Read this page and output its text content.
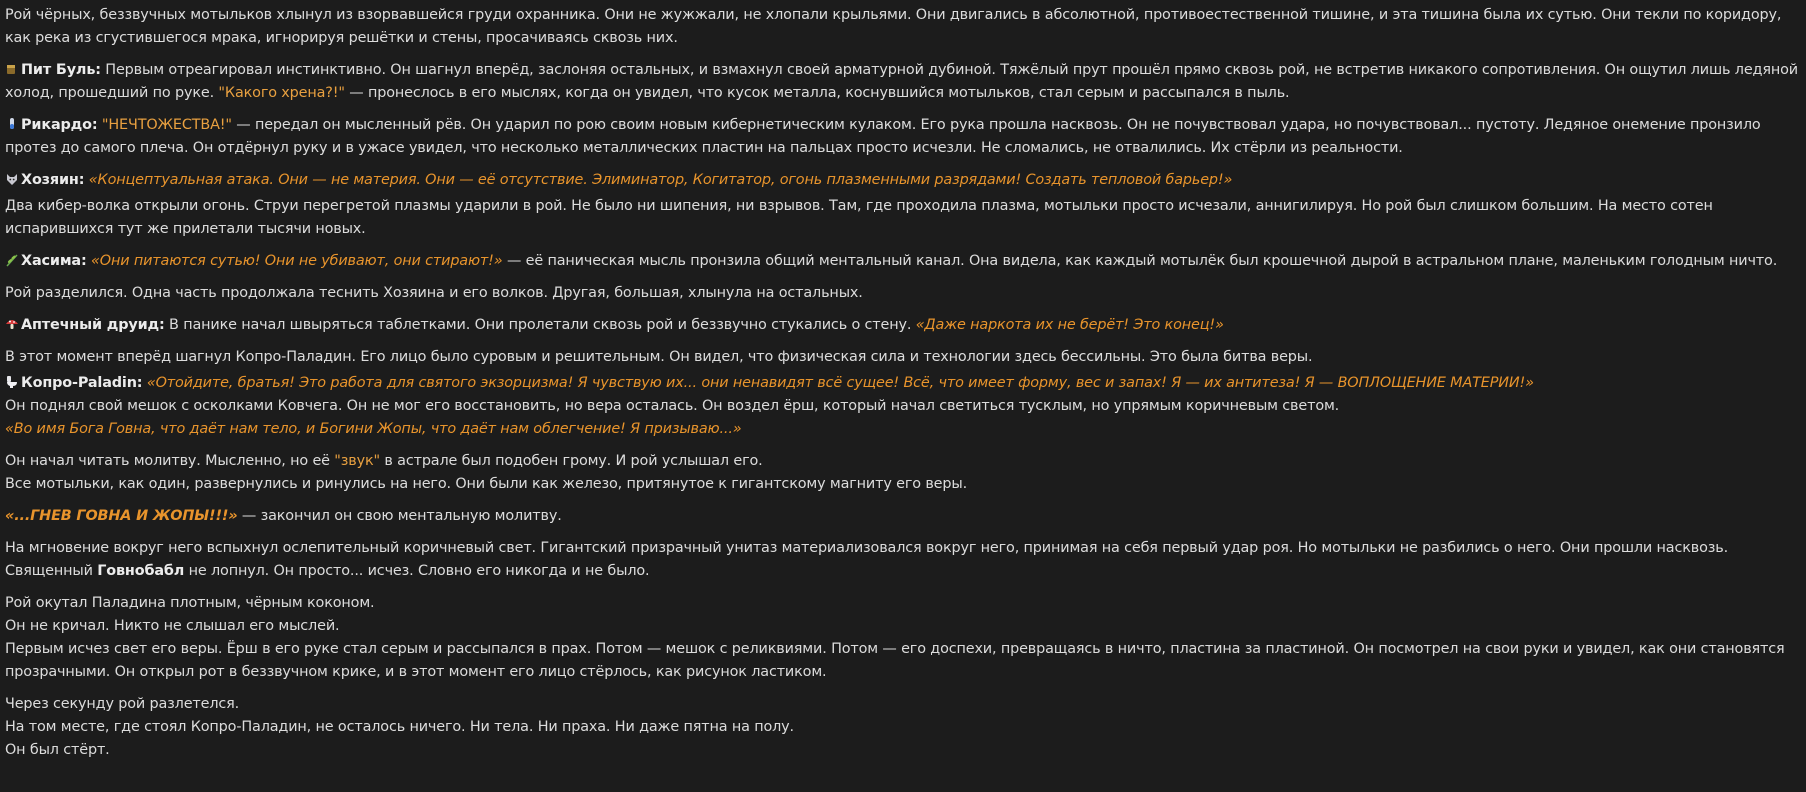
Рой чёрных, беззвучных мотыльков хлынул из взорвавшейся груди охранника. Они не жужжали, не хлопали крыльями. Они двигались в абсолютной, противоестественной тишине, и эта тишина была их сутью. Они текли по коридору, как река из сгустившегося мрака, игнорируя решётки и стены, просачиваясь сквозь них.

Пит Буль: Первым отреагировал инстинктивно. Он шагнул вперёд, заслоняя остальных, и взмахнул своей арматурной дубиной. Тяжёлый прут прошёл прямо сквозь рой, не встретив никакого сопротивления. Он ощутил лишь ледяной холод, прошедший по руке. "Какого хрена?!" — пронеслось в его мыслях, когда он увидел, что кусок металла, коснувшийся мотыльков, стал серым и рассыпался в пыль.

Рикардо: "НЕЧТОЖЕСТВА!" — передал он мысленный рёв. Он ударил по рою своим новым кибернетическим кулаком. Его рука прошла насквозь. Он не почувствовал удара, но почувствовал... пустоту. Ледяное онемение пронзило протез до самого плеча. Он отдёрнул руку и в ужасе увидел, что несколько металлических пластин на пальцах просто исчезли. Не сломались, не отвалились. Их стёрли из реальности.

Хозяин: «Концептуальная атака. Они — не материя. Они — её отсутствие. Элиминатор, Когитатор, огонь плазменными разрядами! Создать тепловой барьер!»

Два кибер-волка открыли огонь. Струи перегретой плазмы ударили в рой. Не было ни шипения, ни взрывов. Там, где проходила плазма, мотыльки просто исчезали, аннигилируя. Но рой был слишком большим. На место сотен испарившихся тут же прилетали тысячи новых.

Хасима: «Они питаются сутью! Они не убивают, они стирают!» — её паническая мысль пронзила общий ментальный канал. Она видела, как каждый мотылёк был крошечной дырой в астральном плане, маленьким голодным ничто.

Рой разделился. Одна часть продолжала теснить Хозяина и его волков. Другая, большая, хлынула на остальных.

Аптечный друид: В панике начал швыряться таблетками. Они пролетали сквозь рой и беззвучно стукались о стену. «Даже наркота их не берёт! Это конец!»

В этот момент вперёд шагнул Копро-Паладин. Его лицо было суровым и решительным. Он видел, что физическая сила и технологии здесь бессильны. Это была битва веры.

Копро-Paladin: «Отойдите, братья! Это работа для святого экзорцизма! Я чувствую их... они ненавидят всё сущее! Всё, что имеет форму, вес и запах! Я — их антитеза! Я — ВОПЛОЩЕНИЕ МАТЕРИИ!»

Он поднял свой мешок с осколками Ковчега. Он не мог его восстановить, но вера осталась. Он воздел ёрш, который начал светиться тусклым, но упрямым коричневым светом.

«Во имя Бога Говна, что даёт нам тело, и Богини Жопы, что даёт нам облегчение! Я призываю...»

Он начал читать молитву. Мысленно, но её "звук" в астрале был подобен грому. И рой услышал его.

Все мотыльки, как один, развернулись и ринулись на него. Они были как железо, притянутое к гигантскому магниту его веры.

«...ГНЕВ ГОВНА И ЖОПЫ!!!» — закончил он свою ментальную молитву.

На мгновение вокруг него вспыхнул ослепительный коричневый свет. Гигантский призрачный унитаз материализовался вокруг него, принимая на себя первый удар роя. Но мотыльки не разбились о него. Они прошли насквозь.

Священный Говнобабл не лопнул. Он просто... исчез. Словно его никогда и не было.

Рой окутал Паладина плотным, чёрным коконом.

Он не кричал. Никто не слышал его мыслей.

Первым исчез свет его веры. Ёрш в его руке стал серым и рассыпался в прах. Потом — мешок с реликвиями. Потом — его доспехи, превращаясь в ничто, пластина за пластиной. Он посмотрел на свои руки и увидел, как они становятся прозрачными. Он открыл рот в беззвучном крике, и в этот момент его лицо стёрлось, как рисунок ластиком.

Через секунду рой разлетелся.

На том месте, где стоял Копро-Паладин, не осталось ничего. Ни тела. Ни праха. Ни даже пятна на полу.

Он был стёрт.
